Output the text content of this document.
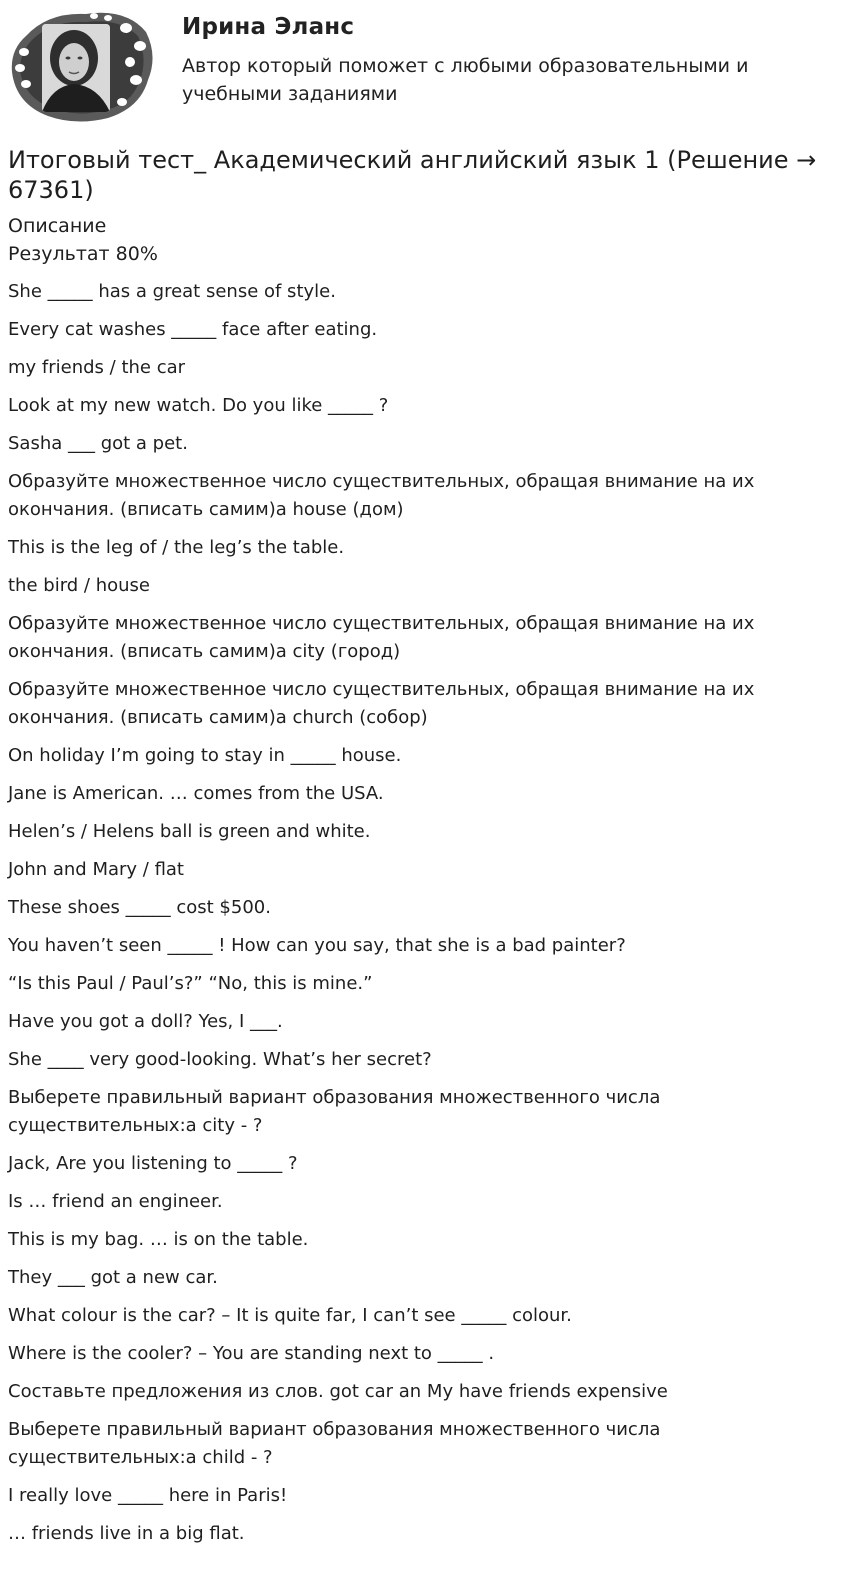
Ирина Эланс
Автор который поможет с любыми образовательными и учебными заданиями
Итоговый тест_ Академический английский язык 1 (Решение → 67361)
Описание
Результат 80%
She _____ has a great sense of style.
Every cat washes _____ face after eating.
my friends / the car
Look at my new watch. Do you like _____ ?
Sasha ___ got a pet.
Образуйте множественное число существительных, обращая внимание на их окончания. (вписать самим)a house (дом)
This is the leg of / the leg’s the table.
the bird / house
Образуйте множественное число существительных, обращая внимание на их окончания. (вписать самим)a city (город)
Образуйте множественное число существительных, обращая внимание на их окончания. (вписать самим)a church (собор)
On holiday I’m going to stay in _____ house.
Jane is American. … comes from the USA.
Helen’s / Helens ball is green and white.
John and Mary / flat
These shoes _____ cost $500.
You haven’t seen _____ ! How can you say, that she is a bad painter?
“Is this Paul / Paul’s?” “No, this is mine.”
Have you got a doll? Yes, I ___.
She ____ very good-looking. What’s her secret?
Выберете правильный вариант образования множественного числа существительных:a city - ?
Jack, Are you listening to _____ ?
Is … friend an engineer.
This is my bag. … is on the table.
They ___ got a new car.
What colour is the car? – It is quite far, I can’t see _____ colour.
Where is the cooler? – You are standing next to _____ .
Составьте предложения из слов. got car an My have friends expensive
Выберете правильный вариант образования множественного числа существительных:a child - ?
I really love _____ here in Paris!
… friends live in a big flat.
